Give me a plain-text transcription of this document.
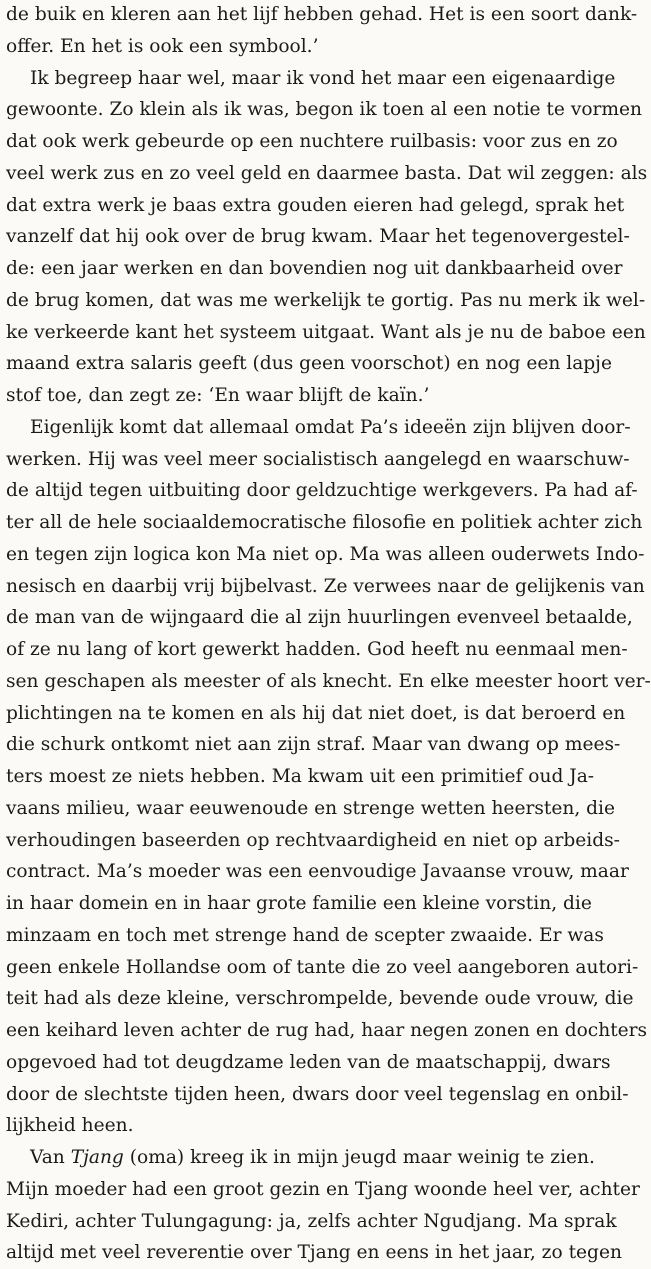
de buik en kleren aan het lijf hebben gehad. Het is een soort dank-
offer. En het is ook een symbool.’
Ik begreep haar wel, maar ik vond het maar een eigenaardige
gewoonte. Zo klein als ik was, begon ik toen al een notie te vormen
dat ook werk gebeurde op een nuchtere ruilbasis: voor zus en zo
veel werk zus en zo veel geld en daarmee basta. Dat wil zeggen: als
dat extra werk je baas extra gouden eieren had gelegd, sprak het
vanzelf dat hij ook over de brug kwam. Maar het tegenovergestel-
de: een jaar werken en dan bovendien nog uit dankbaarheid over
de brug komen, dat was me werkelijk te gortig. Pas nu merk ik wel-
ke verkeerde kant het systeem uitgaat. Want als je nu de baboe een
maand extra salaris geeft (dus geen voorschot) en nog een lapje
stof toe, dan zegt ze: ‘En waar blijft de kaïn.’
Eigenlijk komt dat allemaal omdat Pa’s ideeën zijn blijven door-
werken. Hij was veel meer socialistisch aangelegd en waarschuw-
de altijd tegen uitbuiting door geldzuchtige werkgevers. Pa had af-
ter all de hele sociaaldemocratische filosofie en politiek achter zich
en tegen zijn logica kon Ma niet op. Ma was alleen ouderwets Indo-
nesisch en daarbij vrij bijbelvast. Ze verwees naar de gelijkenis van
de man van de wijngaard die al zijn huurlingen evenveel betaalde,
of ze nu lang of kort gewerkt hadden. God heeft nu eenmaal men-
sen geschapen als meester of als knecht. En elke meester hoort ver-
plichtingen na te komen en als hij dat niet doet, is dat beroerd en
die schurk ontkomt niet aan zijn straf. Maar van dwang op mees-
ters moest ze niets hebben. Ma kwam uit een primitief oud Ja-
vaans milieu, waar eeuwenoude en strenge wetten heersten, die
verhoudingen baseerden op rechtvaardigheid en niet op arbeids-
contract. Ma’s moeder was een eenvoudige Javaanse vrouw, maar
in haar domein en in haar grote familie een kleine vorstin, die
minzaam en toch met strenge hand de scepter zwaaide. Er was
geen enkele Hollandse oom of tante die zo veel aangeboren autori-
teit had als deze kleine, verschrompelde, bevende oude vrouw, die
een keihard leven achter de rug had, haar negen zonen en dochters
opgevoed had tot deugdzame leden van de maatschappij, dwars
door de slechtste tijden heen, dwars door veel tegenslag en onbil-
lijkheid heen.
Van Tjang (oma) kreeg ik in mijn jeugd maar weinig te zien.
Mijn moeder had een groot gezin en Tjang woonde heel ver, achter
Kediri, achter Tulungagung: ja, zelfs achter Ngudjang. Ma sprak
altijd met veel reverentie over Tjang en eens in het jaar, zo tegen
